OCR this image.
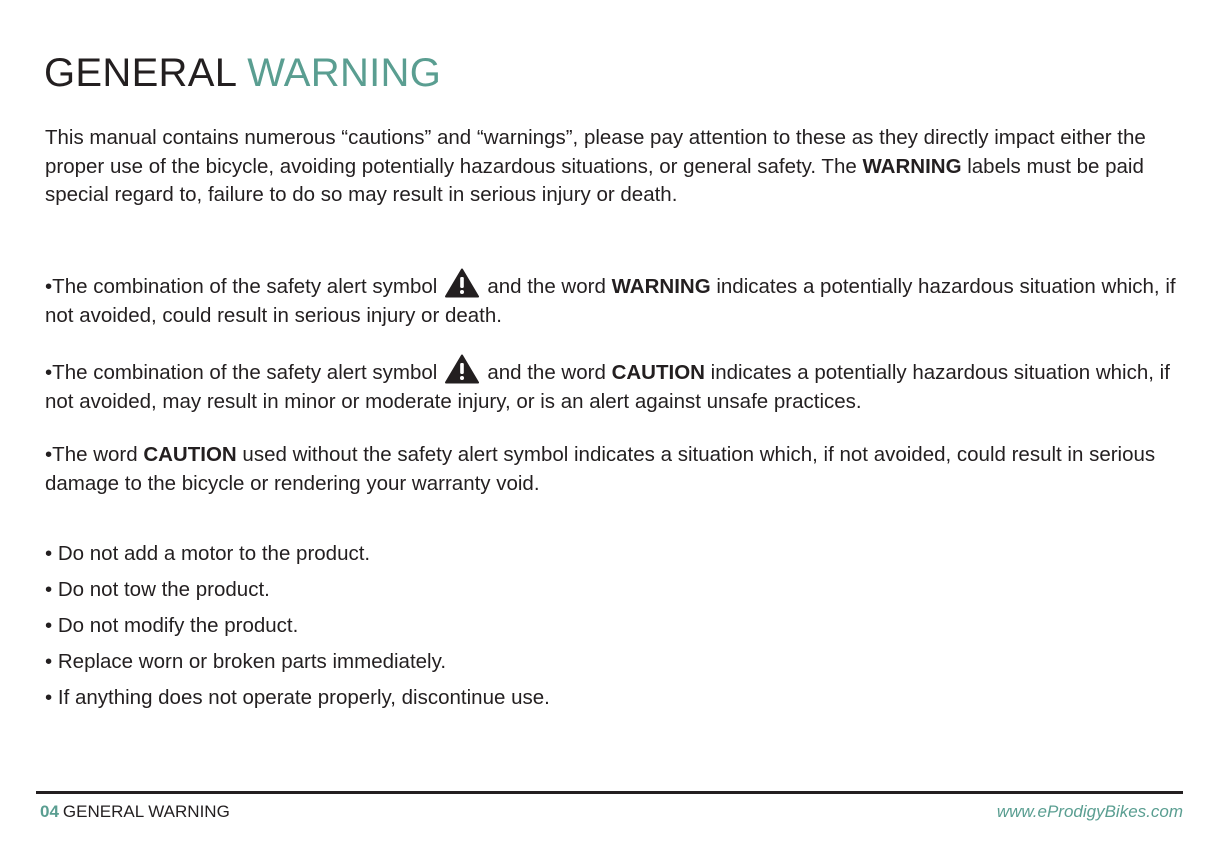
GENERAL WARNING

This manual contains numerous “cautions” and “warnings”, please pay attention to these as they directly impact either the proper use of the bicycle, avoiding potentially hazardous situations, or general safety. The WARNING labels must be paid special regard to, failure to do so may result in serious injury or death.

•The combination of the safety alert symbol and the word WARNING indicates a potentially hazardous situation which, if not avoided, could result in serious injury or death.

•The combination of the safety alert symbol and the word CAUTION indicates a potentially hazardous situation which, if not avoided, may result in minor or moderate injury, or is an alert against unsafe practices.

•The word CAUTION used without the safety alert symbol indicates a situation which, if not avoided, could result in serious damage to the bicycle or rendering your warranty void.

• Do not add a motor to the product.
• Do not tow the product.
• Do not modify the product.
• Replace worn or broken parts immediately.
• If anything does not operate properly, discontinue use.
04 GENERAL WARNING	www.eProdigyBikes.com
